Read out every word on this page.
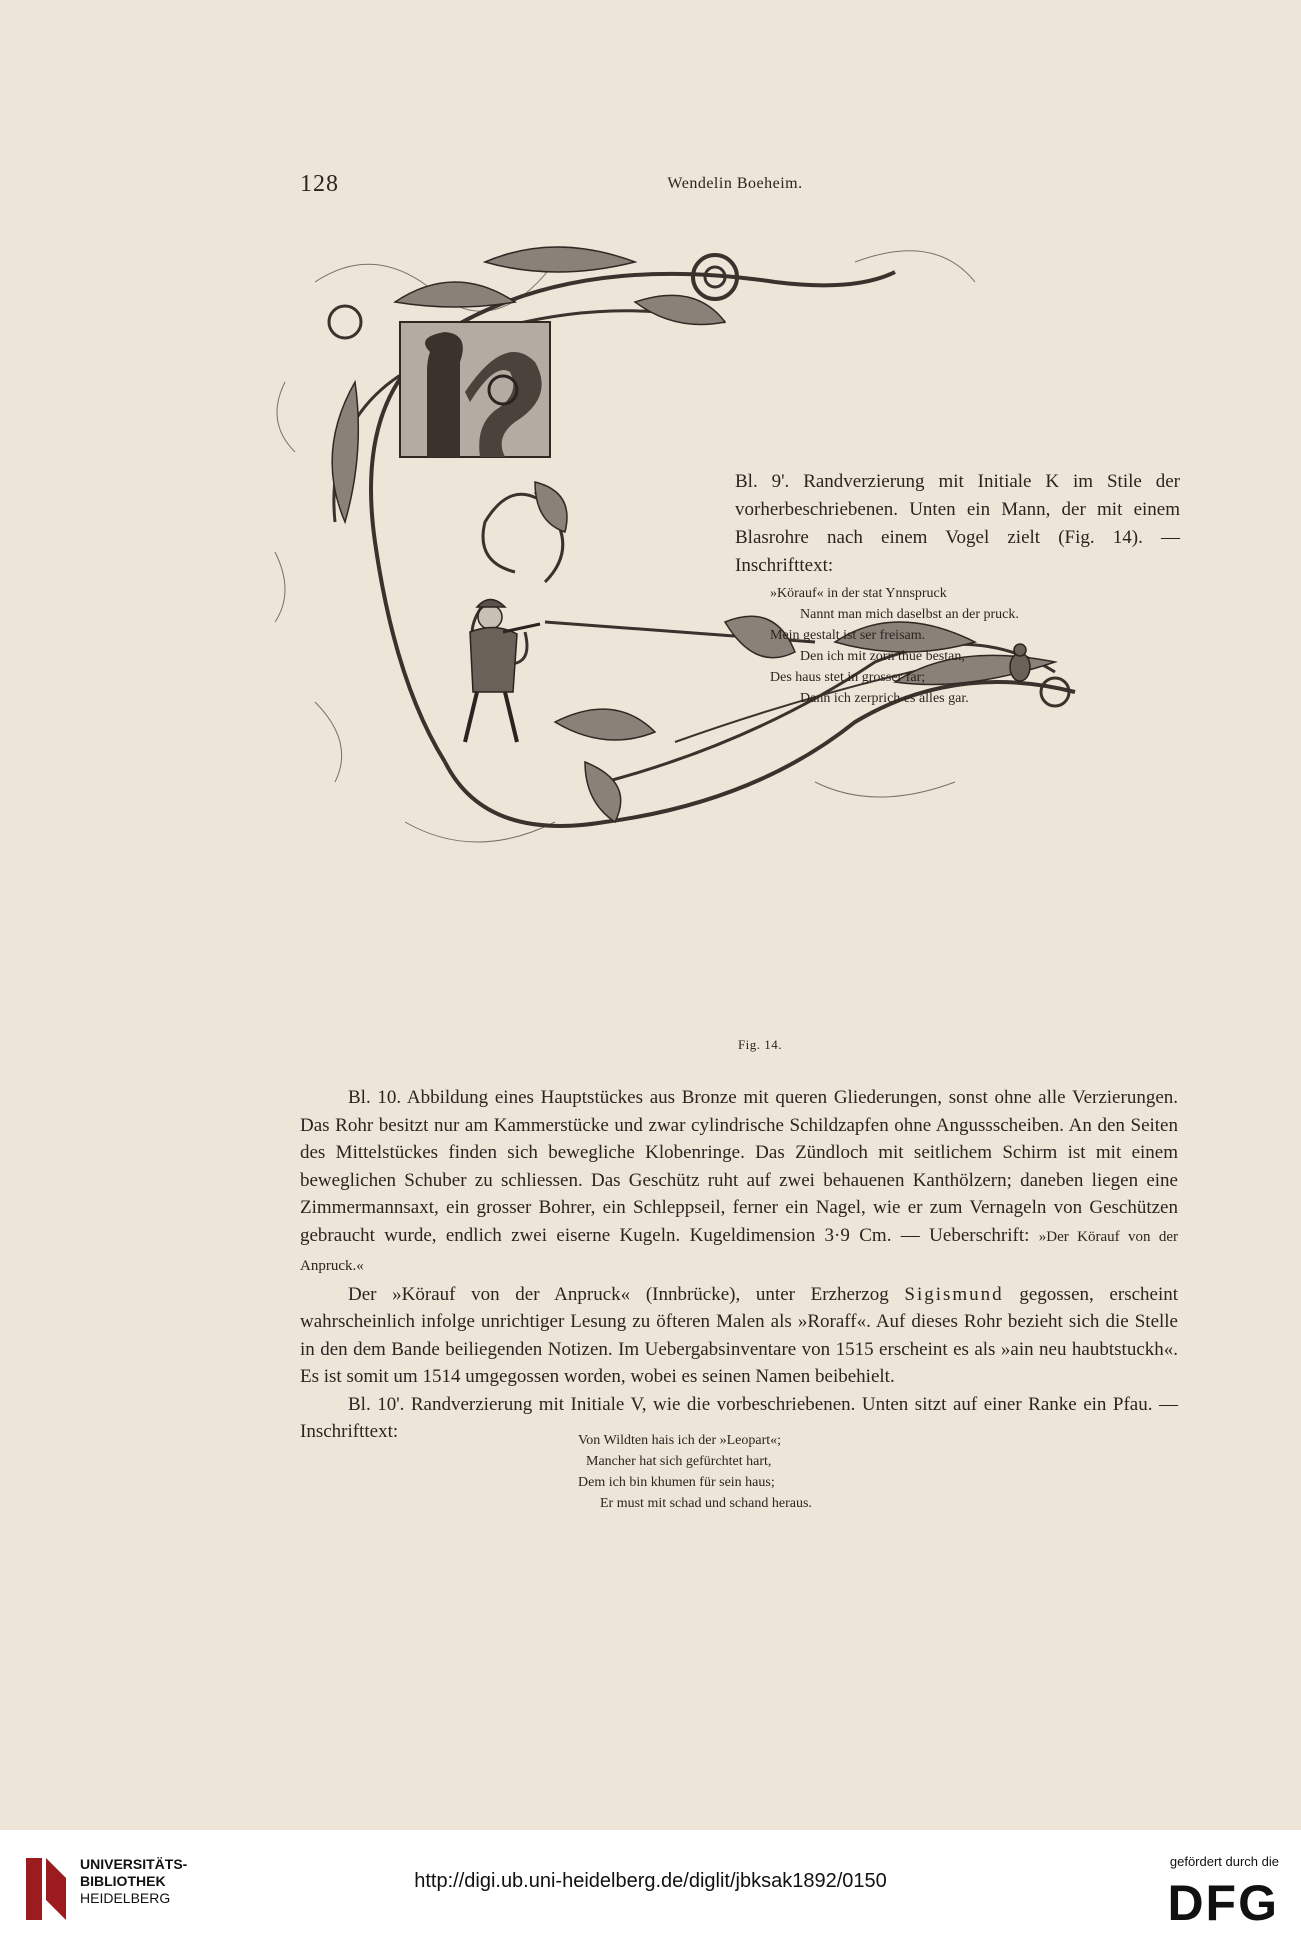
128	Wendelin Boeheim.

Bl. 9'. Randverzierung mit Initiale K im Stile der vorherbeschriebenen. Unten ein Mann, der mit einem Blasrohre nach einem Vogel zielt (Fig. 14). — Inschrifttext:

»Körauf« in der stat Ynnspruck
Nannt man mich daselbst an der pruck.
Mein gestalt ist ser freisam.
Den ich mit zorn thue bestan,
Des haus stet in grosser far;
Dann ich zerprich es alles gar.
Fig. 14.

Bl. 10. Abbildung eines Hauptstückes aus Bronze mit queren Gliederungen, sonst ohne alle Verzierungen. Das Rohr besitzt nur am Kammerstücke und zwar cylindrische Schildzapfen ohne Angussscheiben. An den Seiten des Mittelstückes finden sich bewegliche Klobenringe. Das Zündloch mit seitlichem Schirm ist mit einem beweglichen Schuber zu schliessen. Das Geschütz ruht auf zwei behauenen Kanthölzern; daneben liegen eine Zimmermannsaxt, ein grosser Bohrer, ein Schleppseil, ferner ein Nagel, wie er zum Vernageln von Geschützen gebraucht wurde, endlich zwei eiserne Kugeln. Kugeldimension 3·9 Cm. — Ueberschrift: »Der Körauf von der Anpruck.«

Der »Körauf von der Anpruck« (Innbrücke), unter Erzherzog Sigismund gegossen, erscheint wahrscheinlich infolge unrichtiger Lesung zu öfteren Malen als »Roraff«. Auf dieses Rohr bezieht sich die Stelle in den dem Bande beiliegenden Notizen. Im Uebergabsinventare von 1515 erscheint es als »ain neu haubtstuckh«. Es ist somit um 1514 umgegossen worden, wobei es seinen Namen beibehielt.

Bl. 10'. Randverzierung mit Initiale V, wie die vorbeschriebenen. Unten sitzt auf einer Ranke ein Pfau. — Inschrifttext:	Von Wildten hais ich der »Leopart«;
Mancher hat sich gefürchtet hart,
Dem ich bin khumen für sein haus;
Er must mit schad und schand heraus.
UNIVERSITÄTS-
BIBLIOTHEK
HEIDELBERG
http://digi.ub.uni-heidelberg.de/diglit/jbksak1892/0150
gefördert durch die
DFG
